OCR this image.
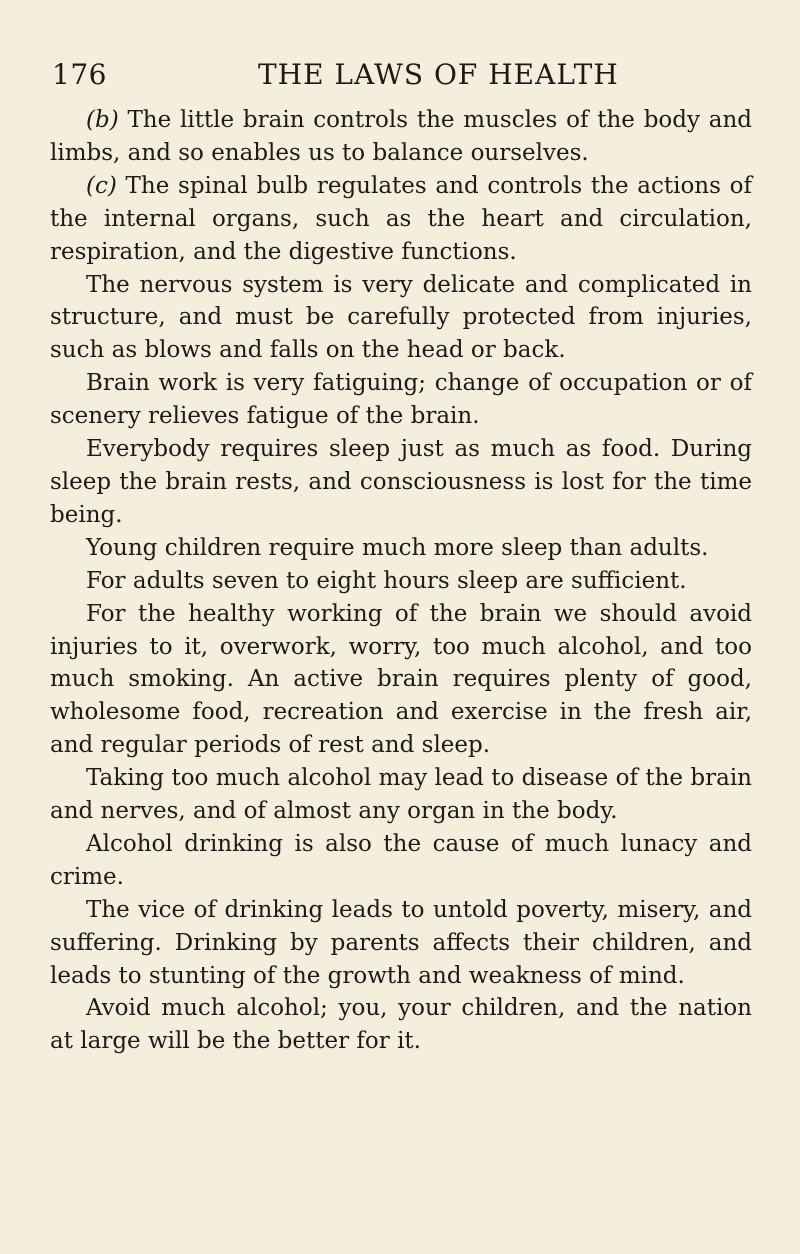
176	THE LAWS OF HEALTH

(b) The little brain controls the muscles of the body and limbs, and so enables us to balance ourselves.

(c) The spinal bulb regulates and controls the actions of the internal organs, such as the heart and circulation, respiration, and the digestive functions.

The nervous system is very delicate and complicated in structure, and must be carefully protected from injuries, such as blows and falls on the head or back.

Brain work is very fatiguing; change of occupation or of scenery relieves fatigue of the brain.

Everybody requires sleep just as much as food. During sleep the brain rests, and consciousness is lost for the time being.

Young children require much more sleep than adults.

For adults seven to eight hours sleep are sufficient.

For the healthy working of the brain we should avoid injuries to it, overwork, worry, too much alcohol, and too much smoking. An active brain requires plenty of good, wholesome food, recreation and exercise in the fresh air, and regular periods of rest and sleep.

Taking too much alcohol may lead to disease of the brain and nerves, and of almost any organ in the body.

Alcohol drinking is also the cause of much lunacy and crime.

The vice of drinking leads to untold poverty, misery, and suffering. Drinking by parents affects their children, and leads to stunting of the growth and weakness of mind.

Avoid much alcohol; you, your children, and the nation at large will be the better for it.
